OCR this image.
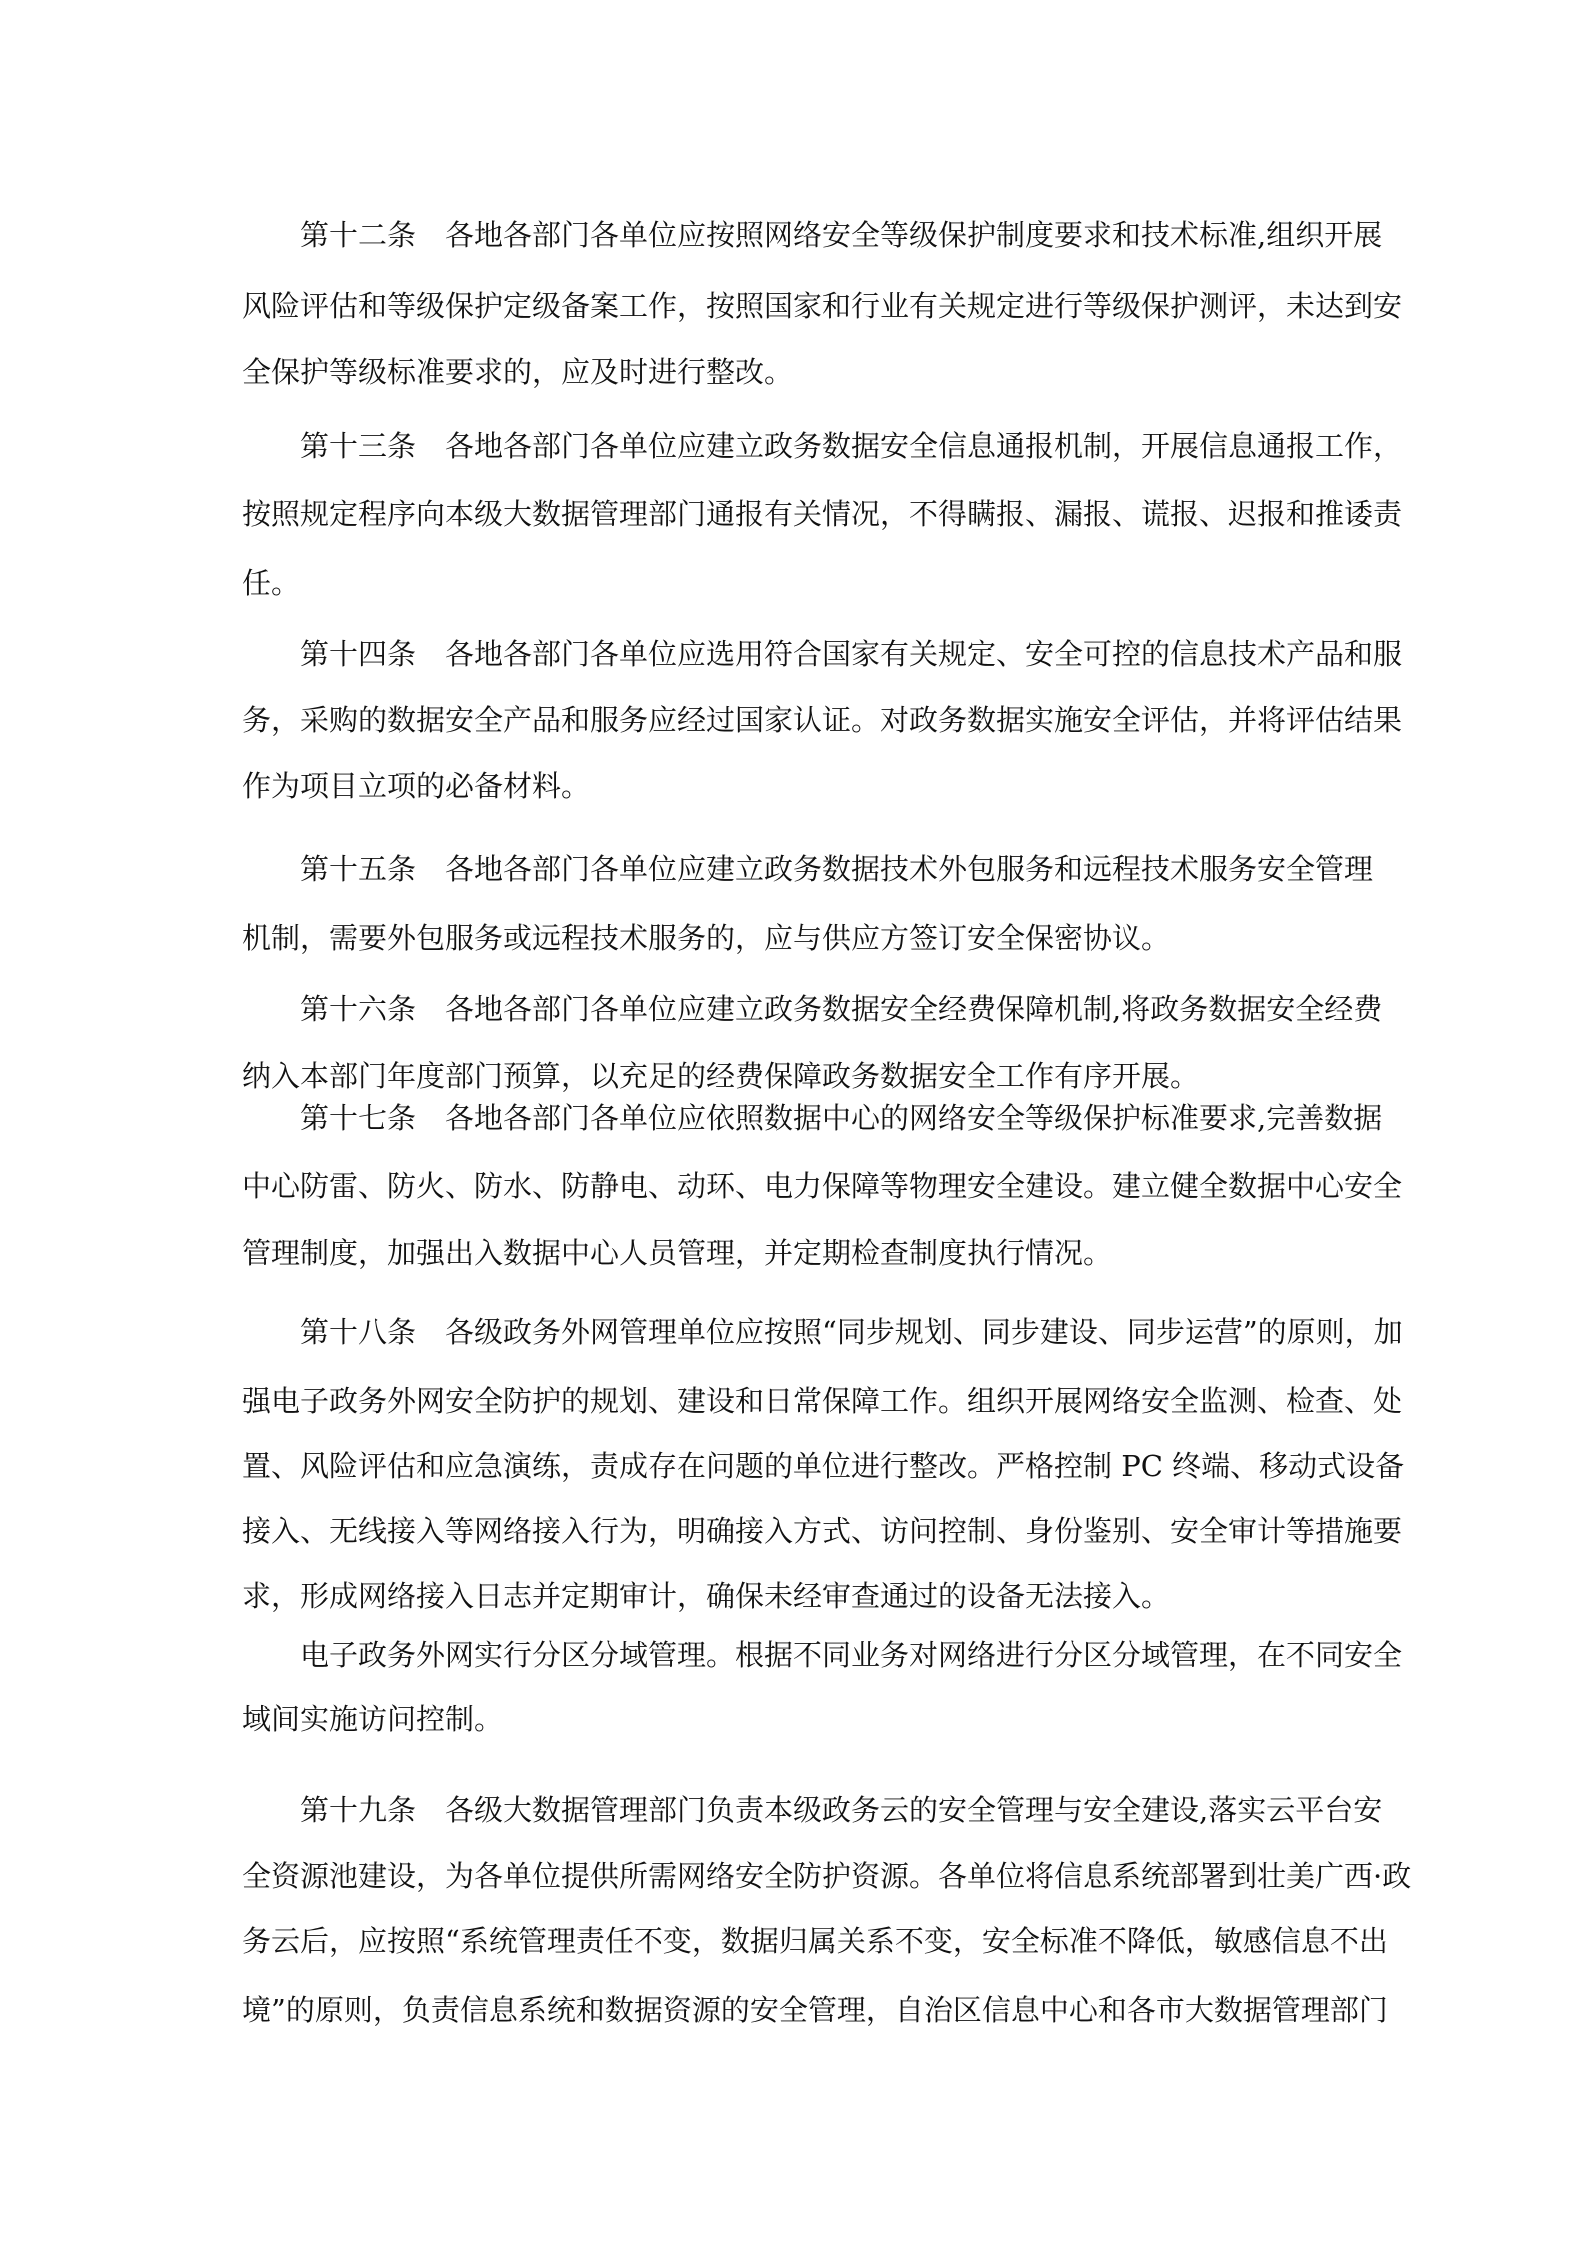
第十二条　各地各部门各单位应按照网络安全等级保护制度要求和技术标准,组织开展
风险评估和等级保护定级备案工作，按照国家和行业有关规定进行等级保护测评，未达到安
全保护等级标准要求的，应及时进行整改。
第十三条　各地各部门各单位应建立政务数据安全信息通报机制，开展信息通报工作，
按照规定程序向本级大数据管理部门通报有关情况，不得瞒报、漏报、谎报、迟报和推诿责
任。
第十四条　各地各部门各单位应选用符合国家有关规定、安全可控的信息技术产品和服
务，采购的数据安全产品和服务应经过国家认证。对政务数据实施安全评估，并将评估结果
作为项目立项的必备材料。
第十五条　各地各部门各单位应建立政务数据技术外包服务和远程技术服务安全管理
机制，需要外包服务或远程技术服务的，应与供应方签订安全保密协议。
第十六条　各地各部门各单位应建立政务数据安全经费保障机制,将政务数据安全经费
纳入本部门年度部门预算，以充足的经费保障政务数据安全工作有序开展。
第十七条　各地各部门各单位应依照数据中心的网络安全等级保护标准要求,完善数据
中心防雷、防火、防水、防静电、动环、电力保障等物理安全建设。建立健全数据中心安全
管理制度，加强出入数据中心人员管理，并定期检查制度执行情况。
第十八条　各级政务外网管理单位应按照“同步规划、同步建设、同步运营”的原则，加
强电子政务外网安全防护的规划、建设和日常保障工作。组织开展网络安全监测、检查、处
置、风险评估和应急演练，责成存在问题的单位进行整改。严格控制 PC 终端、移动式设备
接入、无线接入等网络接入行为，明确接入方式、访问控制、身份鉴别、安全审计等措施要
求，形成网络接入日志并定期审计，确保未经审查通过的设备无法接入。
电子政务外网实行分区分域管理。根据不同业务对网络进行分区分域管理，在不同安全
域间实施访问控制。
第十九条　各级大数据管理部门负责本级政务云的安全管理与安全建设,落实云平台安
全资源池建设，为各单位提供所需网络安全防护资源。各单位将信息系统部署到壮美广西·政
务云后，应按照“系统管理责任不变，数据归属关系不变，安全标准不降低，敏感信息不出
境”的原则，负责信息系统和数据资源的安全管理，自治区信息中心和各市大数据管理部门
